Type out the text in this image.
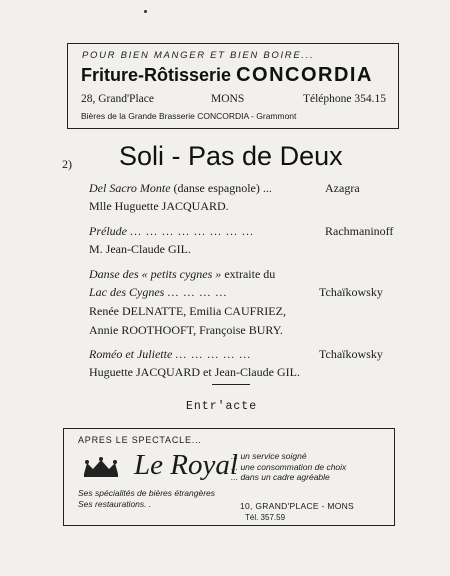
POUR BIEN MANGER ET BIEN BOIRE...
Friture-Rôtisserie CONCORDIA
28, Grand'Place	MONS	Téléphone 354.15
Bières de la Grande Brasserie CONCORDIA - Grammont
2) Soli - Pas de Deux
Del Sacro Monte (danse espagnole) ...	Azagra
Mlle Huguette JACQUARD.
Prélude ... ... ... ... ... ... ... ...	Rachmaninoff
M. Jean-Claude GIL.
Danse des « petits cygnes » extraite du
Lac des Cygnes ... ... ... ...	Tchaïkowsky
Renée DELNATTE, Emilia CAUFRIEZ,
Annie ROOTHOOFT, Françoise BURY.
Roméo et Juliette ... ... ... ... ...	Tchaïkowsky
Huguette JACQUARD et Jean-Claude GIL.
Entr'acte
APRES LE SPECTACLE...
Le Royal
... un service soigné
... une consommation de choix
... dans un cadre agréable
Ses spécialités de bières étrangères
Ses restaurations. .	10, GRAND'PLACE - MONS
Tél. 357.59
